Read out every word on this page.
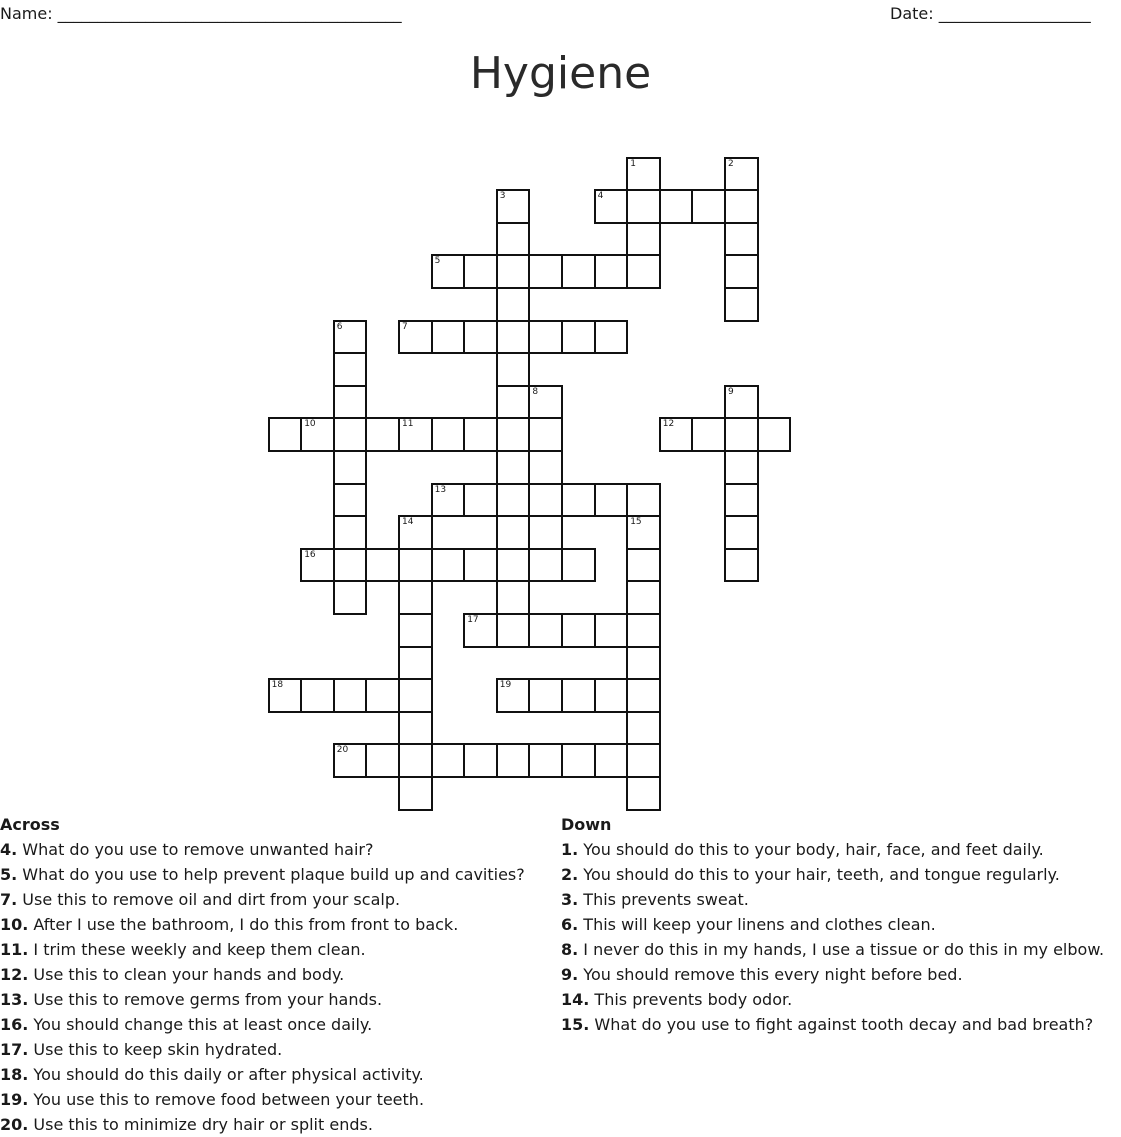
Name: ___________________________________________	Date: ___________________
Hygiene
1	2
3	4
5
6	7
8	9
10	11	12
13
14	15
16
17
18	19
20
Across
4. What do you use to remove unwanted hair?
5. What do you use to help prevent plaque build up and cavities?
7. Use this to remove oil and dirt from your scalp.
10. After I use the bathroom, I do this from front to back.
11. I trim these weekly and keep them clean.
12. Use this to clean your hands and body.
13. Use this to remove germs from your hands.
16. You should change this at least once daily.
17. Use this to keep skin hydrated.
18. You should do this daily or after physical activity.
19. You use this to remove food between your teeth.
20. Use this to minimize dry hair or split ends.
Down
1. You should do this to your body, hair, face, and feet daily.
2. You should do this to your hair, teeth, and tongue regularly.
3. This prevents sweat.
6. This will keep your linens and clothes clean.
8. I never do this in my hands, I use a tissue or do this in my elbow.
9. You should remove this every night before bed.
14. This prevents body odor.
15. What do you use to fight against tooth decay and bad breath?
